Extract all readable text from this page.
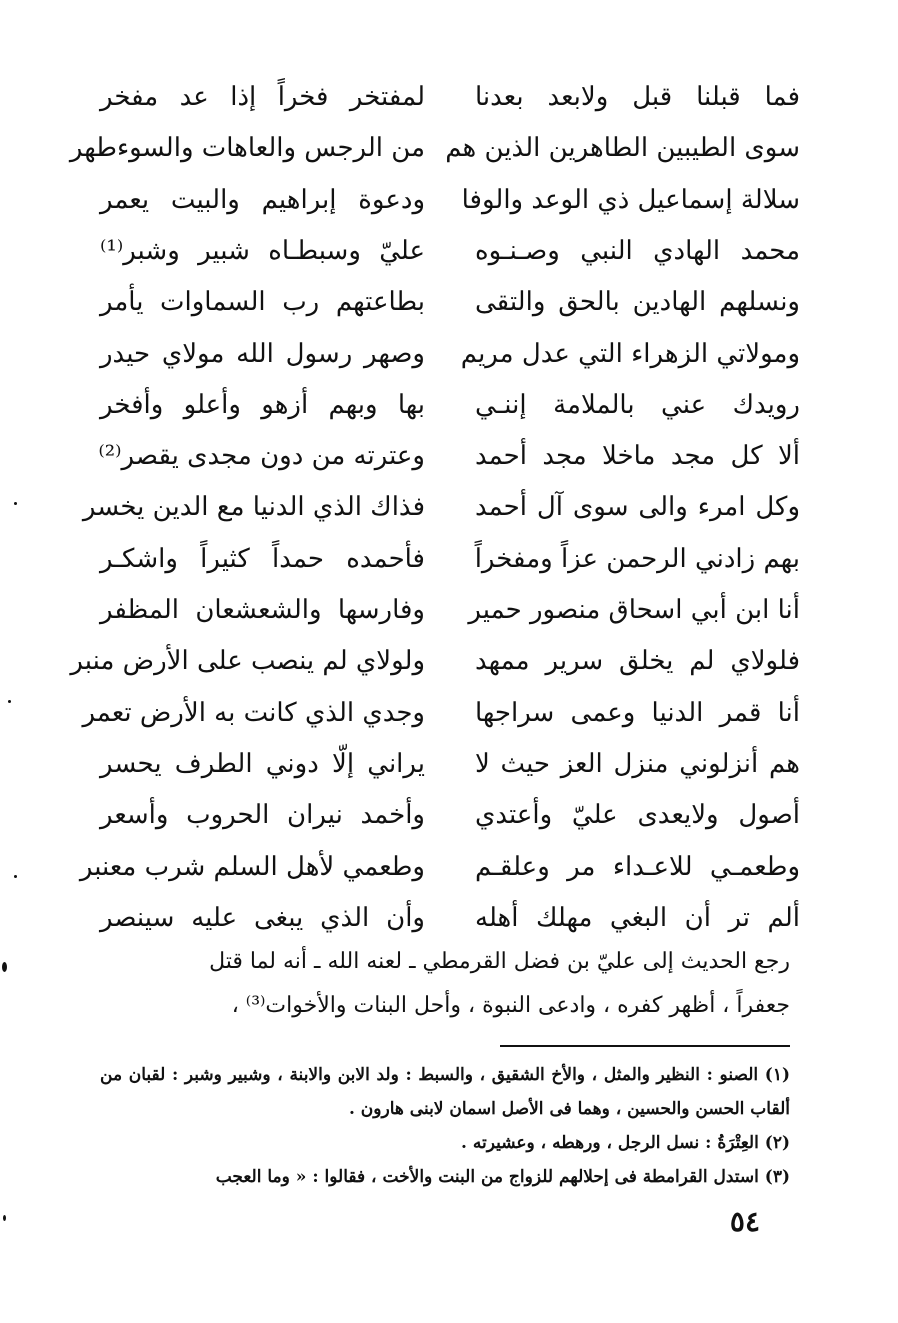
فما قبلنا قبل ولابعد بعدنا
لمفتخر فخراً إذا عد مفخر
سوى الطيبين الطاهرين الذين هم
من الرجس والعاهات والسوءطهر
سلالة إسماعيل ذي الوعد والوفا
ودعوة إبراهيم والبيت يعمر
محمد الهادي النبي وصـنـوه
عليّ وسبطـاه شبير وشبر⁽¹⁾
ونسلهم الهادين بالحق والتقى
بطاعتهم رب السماوات يأمر
ومولاتي الزهراء التي عدل مريم
وصهر رسول الله مولاي حيدر
رويدك عني بالملامة إننـي
بها وبهم أزهو وأعلو وأفخر
ألا كل مجد ماخلا مجد أحمد
وعترته من دون مجدى يقصر⁽²⁾
وكل امرء والى سوى آل أحمد
فذاك الذي الدنيا مع الدين يخسر
بهم زادني الرحمن عزاً ومفخراً
فأحمده حمداً كثيراً واشكـر
أنا ابن أبي اسحاق منصور حمير
وفارسها والشعشعان المظفر
فلولاي لم يخلق سرير ممهد
ولولاي لم ينصب على الأرض منبر
أنا قمر الدنيا وعمى سراجها
وجدي الذي كانت به الأرض تعمر
هم أنزلوني منزل العز حيث لا
يراني إلّا دوني الطرف يحسر
أصول ولايعدى عليّ وأعتدي
وأخمد نيران الحروب وأسعر
وطعمـي للاعـداء مر وعلقـم
وطعمي لأهل السلم شرب معنبر
ألم تر أن البغي مهلك أهله
وأن الذي يبغى عليه سينصر

رجع الحديث إلى عليّ بن فضل القرمطي ـ لعنه الله ـ أنه لما قتل

جعفراً ، أظهر كفره ، وادعى النبوة ، وأحل البنات والأخوات⁽³⁾ ،

(١) الصنو : النظير والمثل ، والأخ الشقيق ، والسبط : ولد الابن والابنة ، وشبير وشبر : لقبان من ألقاب الحسن والحسين ، وهما فى الأصل اسمان لابنى هارون .

(٢) العِتْرَةُ : نسل الرجل ، ورهطه ، وعشيرته .

(٣) استدل القرامطة فى إحلالهم للزواج من البنت والأخت ، فقالوا : « وما العجب

٥٤
